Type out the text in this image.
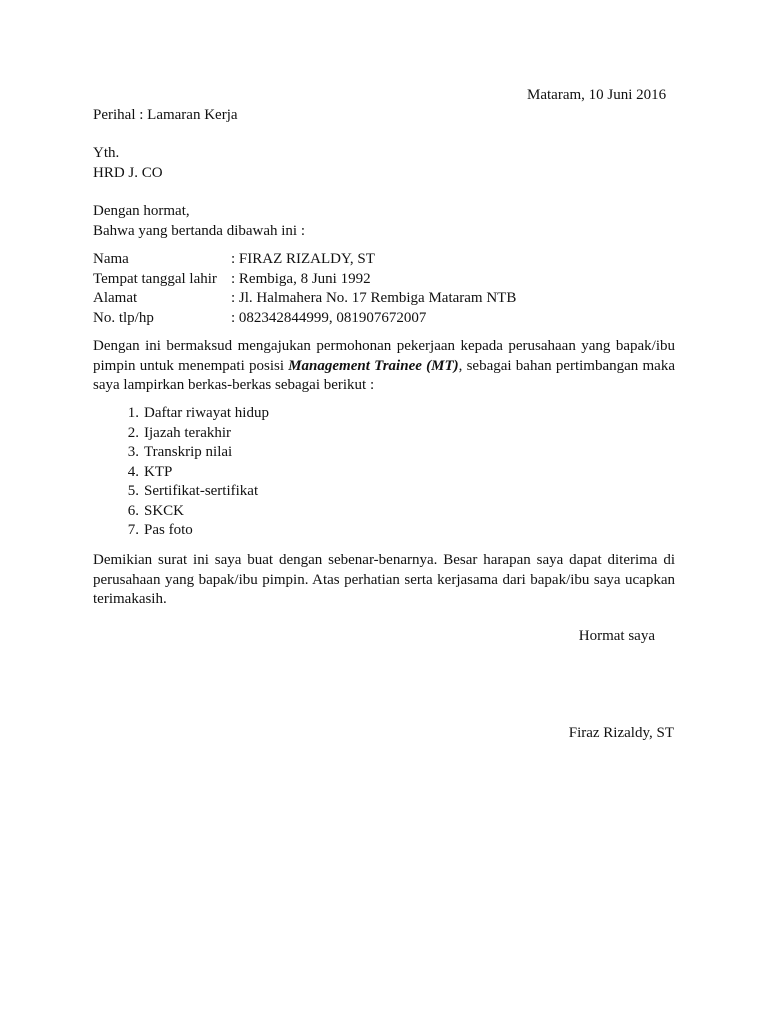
Mataram, 10 Juni 2016
Perihal : Lamaran Kerja
Yth.
HRD J. CO
Dengan hormat,
Bahwa yang bertanda dibawah ini :
Nama	: FIRAZ RIZALDY, ST
Tempat tanggal lahir : Rembiga, 8 Juni 1992
Alamat	: Jl. Halmahera No. 17 Rembiga Mataram NTB
No. tlp/hp	: 082342844999, 081907672007
Dengan ini bermaksud mengajukan permohonan pekerjaan kepada perusahaan yang bapak/ibu pimpin untuk menempati posisi Management Trainee (MT), sebagai bahan pertimbangan maka saya lampirkan berkas-berkas sebagai berikut :
1. Daftar riwayat hidup
2. Ijazah terakhir
3. Transkrip nilai
4. KTP
5. Sertifikat-sertifikat
6. SKCK
7. Pas foto
Demikian surat ini saya buat dengan sebenar-benarnya. Besar harapan saya dapat diterima di perusahaan yang bapak/ibu pimpin. Atas perhatian serta kerjasama dari bapak/ibu saya ucapkan terimakasih.
Hormat saya
Firaz Rizaldy, ST
